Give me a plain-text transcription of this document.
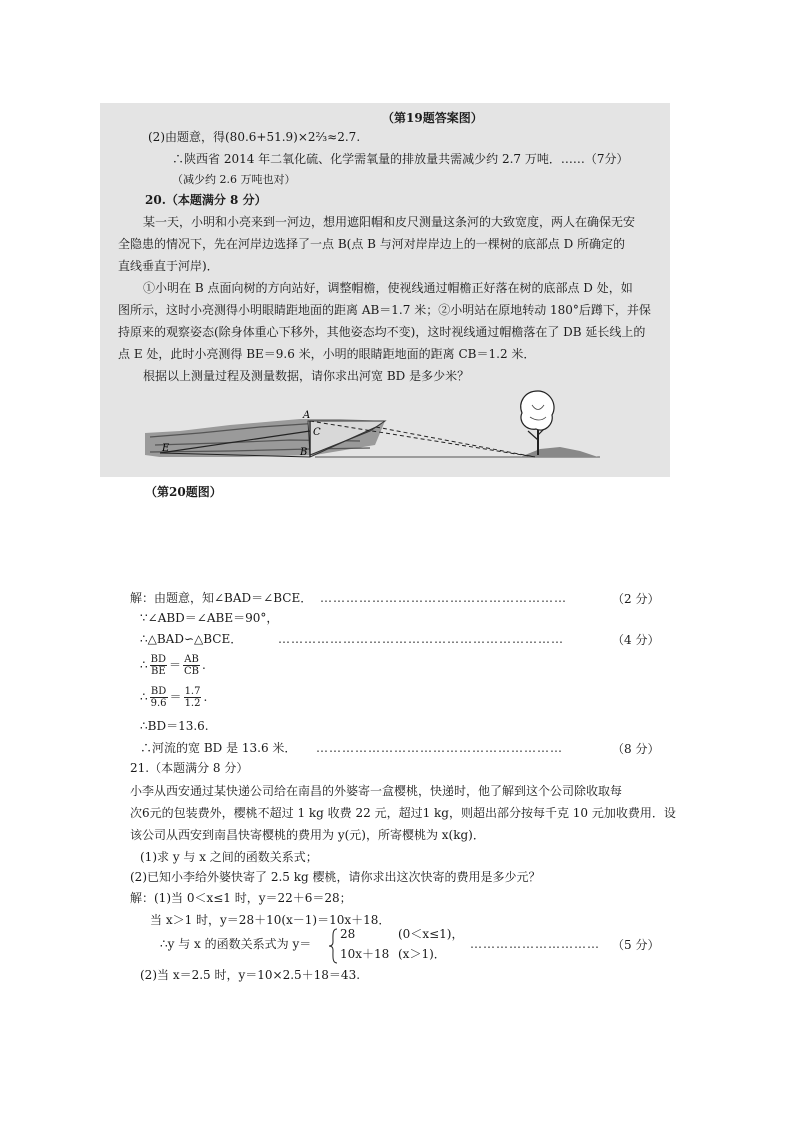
（第19题答案图）
(2)由题意，得(80.6+51.9)×2⅔≈2.7.
∴陕西省 2014 年二氧化硫、化学需氧量的排放量共需减少约 2.7 万吨．……（7分）
（减少约 2.6 万吨也对）
20.（本题满分 8 分）
某一天，小明和小亮来到一河边，想用遮阳帽和皮尺测量这条河的大致宽度，两人在确保无安
全隐患的情况下，先在河岸边选择了一点 B(点 B 与河对岸岸边上的一棵树的底部点 D 所确定的
直线垂直于河岸)．
①小明在 B 点面向树的方向站好，调整帽檐，使视线通过帽檐正好落在树的底部点 D 处，如
图所示，这时小亮测得小明眼睛距地面的距离 AB＝1.7 米；②小明站在原地转动 180°后蹲下，并保
持原来的观察姿态(除身体重心下移外，其他姿态均不变)，这时视线通过帽檐落在了 DB 延长线上的
点 E 处，此时小亮测得 BE＝9.6 米，小明的眼睛距地面的距离 CB＝1.2 米．
根据以上测量过程及测量数据，请你求出河宽 BD 是多少米？
A
C
B
E
（第20题图）
解：由题意，知∠BAD＝∠BCE． …………………………………………………	（2 分）
∵∠ABD＝∠ABE＝90°，
∴△BAD∽△BCE．	…………………………………………………………	（4 分）
∴ $\frac{BD}{BE} = \frac{AB}{CB}$ .
∴ $\frac{BD}{9.6} = \frac{1.7}{1.2}$ .
∴BD＝13.6.
∴河流的宽 BD 是 13.6 米． …………………………………………………	（8 分）
21.（本题满分 8 分）
小李从西安通过某快递公司给在南昌的外婆寄一盒樱桃，快递时，他了解到这个公司除收取每
次6元的包装费外，樱桃不超过 1 kg 收费 22 元，超过1 kg，则超出部分按每千克 10 元加收费用．设
该公司从西安到南昌快寄樱桃的费用为 y(元)，所寄樱桃为 x(kg)．
(1)求 y 与 x 之间的函数关系式；
(2)已知小李给外婆快寄了 2.5 kg 樱桃，请你求出这次快寄的费用是多少元？
解：(1)当 0＜x≤1 时，y＝22＋6＝28；
当 x＞1 时，y＝28＋10(x－1)＝10x＋18．
∴y 与 x 的函数关系式为 y＝
28	(0＜x≤1)，
10x＋18 (x＞1)．
………………………… （5 分）
(2)当 x＝2.5 时，y＝10×2.5＋18＝43.
